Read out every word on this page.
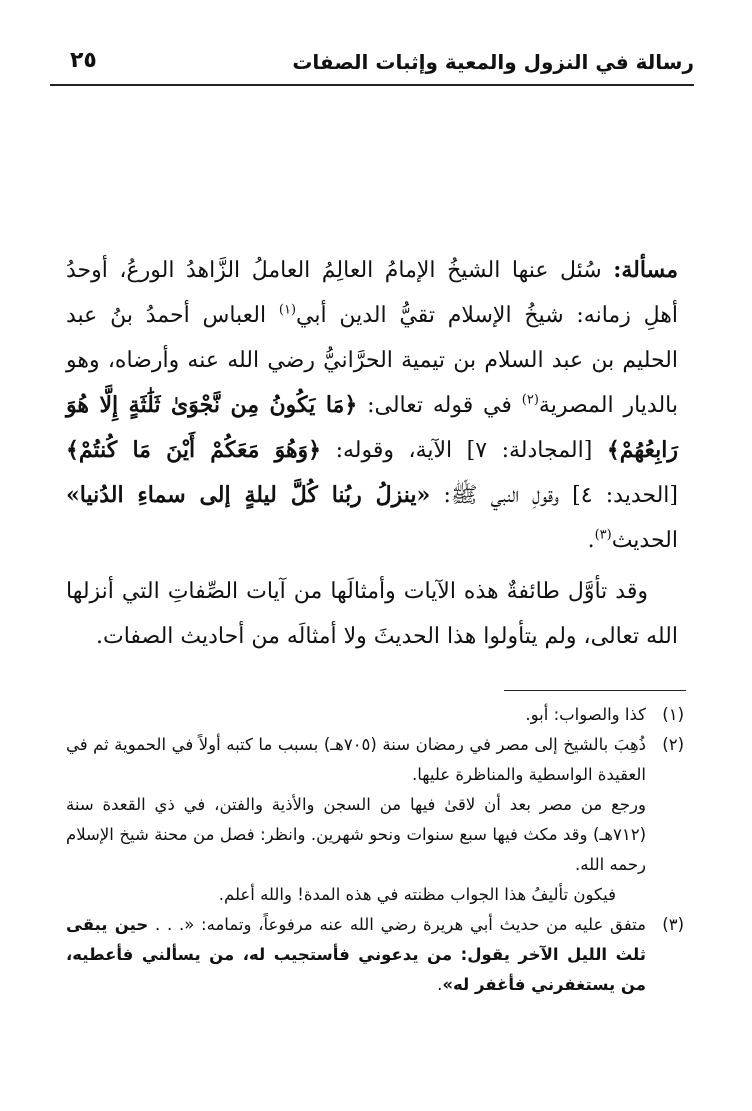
رسالة في النزول والمعية وإثبات الصفات
٢٥

مسألة: سُئل عنها الشيخُ الإمامُ العالِمُ العاملُ الزَّاهدُ الورعُ، أوحدُ أهلِ زمانه: شيخُ الإسلام تقيُّ الدين أبي$^{(١)}$ العباس أحمدُ بنُ عبد الحليم بن عبد السلام بن تيمية الحرَّانيُّ رضي الله عنه وأرضاه، وهو بالديار المصرية$^{(٢)}$ في قوله تعالى: ﴿مَا يَكُونُ مِن نَّجْوَىٰ ثَلَٰثَةٍ إِلَّا هُوَ رَابِعُهُمْ﴾ [المجادلة: ٧] الآية، وقوله: ﴿وَهُوَ مَعَكُمْ أَيْنَ مَا كُنتُمْ﴾ [الحديد: ٤] وقولِ النبي ﷺ: «ينزلُ ربُنا كُلَّ ليلةٍ إلى سماءِ الدُنيا» الحديث$^{(٣)}$.

وقد تأوَّل طائفةٌ هذه الآيات وأمثالَها من آيات الصِّفاتِ التي أنزلها الله تعالى، ولم يتأولوا هذا الحديثَ ولا أمثالَه من أحاديث الصفات.

(١)
كذا والصواب: أبو.
(٢)
ذُهِبَ بالشيخ إلى مصر في رمضان سنة (٧٠٥هـ) بسبب ما كتبه أولاً في الحموية ثم في العقيدة الواسطية والمناظرة عليها.
ورجع من مصر بعد أن لاقىٰ فيها من السجن والأذية والفتن، في ذي القعدة سنة (٧١٢هـ) وقد مكث فيها سبع سنوات ونحو شهرين. وانظر: فصل من محنة شيخ الإسلام رحمه الله.
فيكون تأليفُ هذا الجواب مظنته في هذه المدة! والله أعلم.
(٣)
متفق عليه من حديث أبي هريرة رضي الله عنه مرفوعاً، وتمامه: «. . . حين يبقى ثلث الليل الآخر يقول: من يدعوني فأستجيب له، من يسألني فأعطيه، من يستغفرني فأغفر له».
